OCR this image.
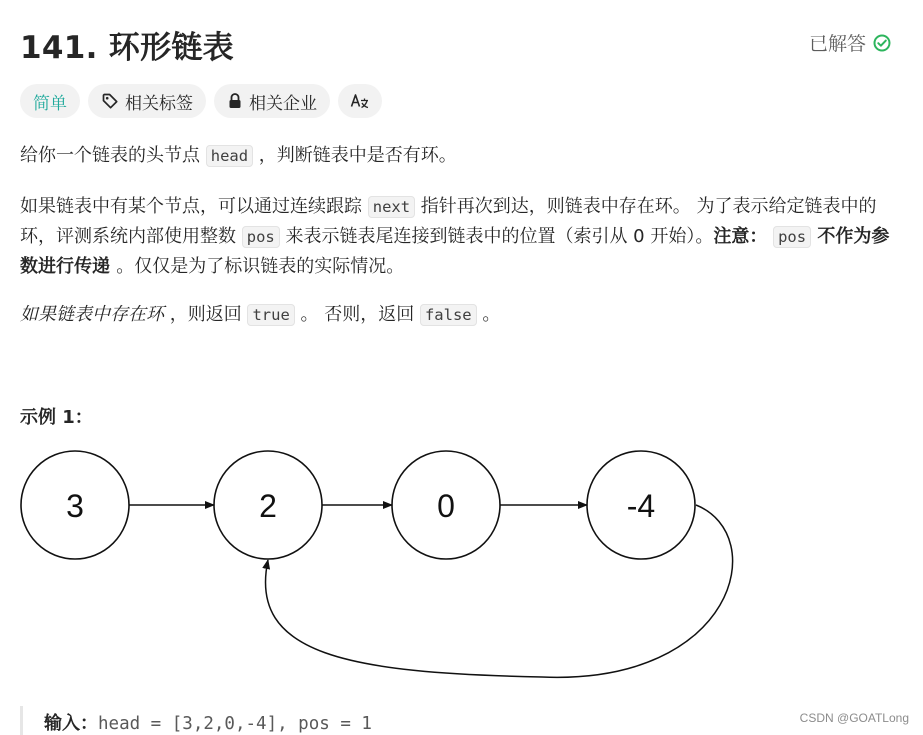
141. 环形链表	已解答
简单	相关标签	相关企业

给你一个链表的头节点 head ，判断链表中是否有环。

如果链表中有某个节点，可以通过连续跟踪 next 指针再次到达，则链表中存在环。 为了表示给定链表中的环，评测系统内部使用整数 pos 来表示链表尾连接到链表中的位置（索引从 0 开始）。注意： pos 不作为参数进行传递 。仅仅是为了标识链表的实际情况。

如果链表中存在环 ，则返回 true 。 否则，返回 false 。

示例 1：
3	2	0	-4
输入：head = [3,2,0,-4], pos = 1	CSDN @GOATLong
